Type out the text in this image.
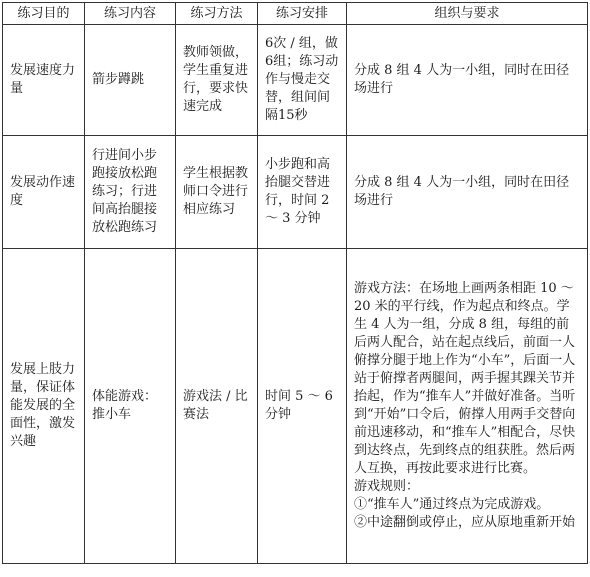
练习目的	练习内容	练习方法	练习安排	组织与要求
发展速度力量	箭步蹲跳	教师领做，学生重复进行，要求快速完成	6次 / 组，做6组；练习动作与慢走交替，组间间隔15秒	分成 8 组 4 人为一小组，同时在田径场进行
发展动作速度	行进间小步跑接放松跑练习；行进间高抬腿接放松跑练习	学生根据教师口令进行相应练习	小步跑和高抬腿交替进行，时间 2 ～ 3 分钟	分成 8 组 4 人为一小组，同时在田径场进行
发展上肢力量，保证体能发展的全面性，激发兴趣	体能游戏：推小车	游戏法 / 比赛法	时间 5 ～ 6 分钟	游戏方法：在场地上画两条相距 10 ～ 20 米的平行线，作为起点和终点。学生 4 人为一组，分成 8 组，每组的前后两人配合，站在起点线后，前面一人俯撑分腿于地上作为“小车”，后面一人站于俯撑者两腿间，两手握其踝关节并抬起，作为“推车人”并做好准备。当听到“开始”口令后，俯撑人用两手交替向前迅速移动，和“推车人”相配合，尽快到达终点，先到终点的组获胜。然后两人互换，再按此要求进行比赛。
游戏规则：
①“推车人”通过终点为完成游戏。
②中途翻倒或停止，应从原地重新开始
